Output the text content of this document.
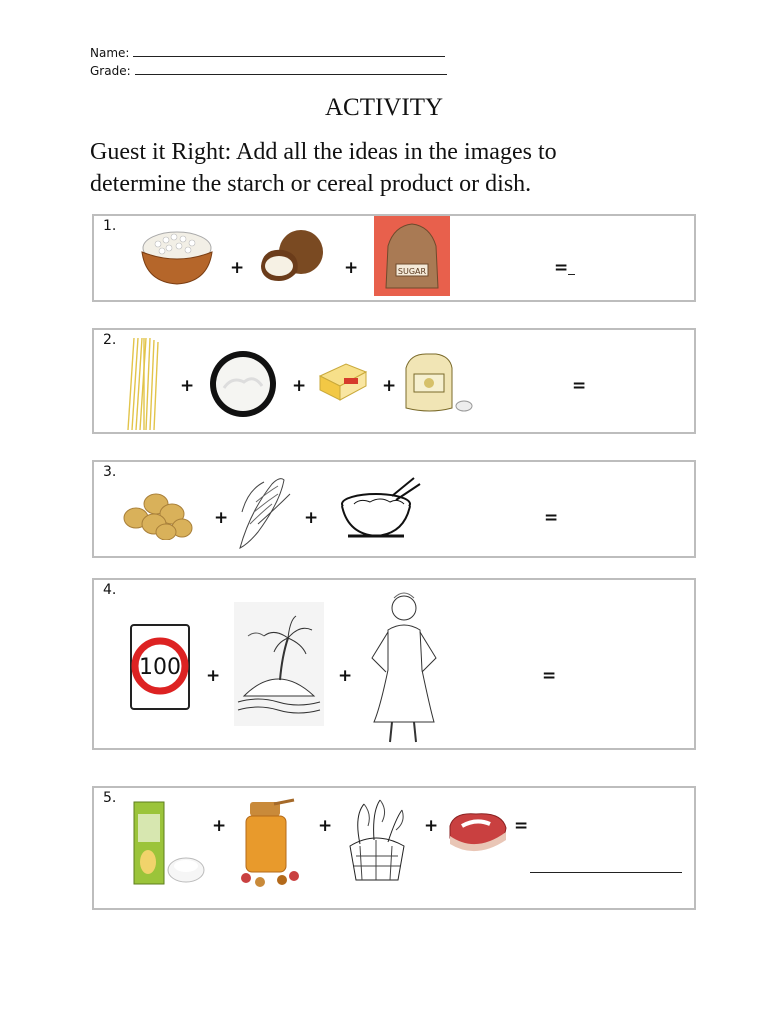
Name:
Grade:
ACTIVITY
Guest it Right: Add all the ideas in the images to determine the starch or cereal product or dish.
1.
+	+	SUGAR	=
2.
+	+	+	=
3.
+	+	=
4.
100 +	+	=
5.
+	+	+	=
